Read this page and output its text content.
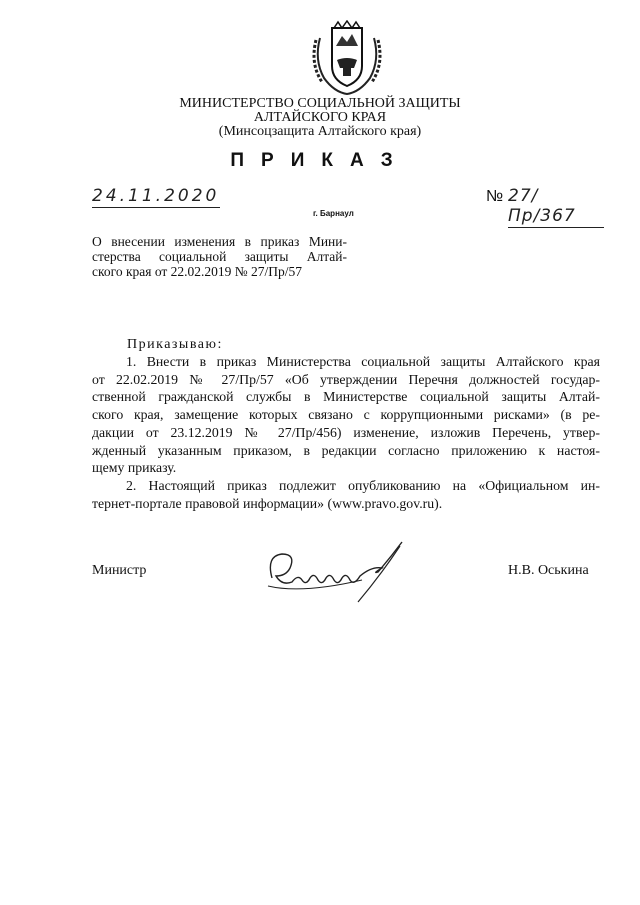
МИНИСТЕРСТВО СОЦИАЛЬНОЙ ЗАЩИТЫ
АЛТАЙСКОГО КРАЯ
(Минсоцзащита Алтайского края)
ПРИКАЗ
24.11.2020	№ 27/Пр/367
г. Барнаул
О внесении изменения в приказ Мини-
стерства социальной защиты Алтай-
ского края от 22.02.2019 № 27/Пр/57
Приказываю:
1. Внести в приказ Министерства социальной защиты Алтайского края
от 22.02.2019 № 27/Пр/57 «Об утверждении Перечня должностей государ-
ственной гражданской службы в Министерстве социальной защиты Алтай-
ского края, замещение которых связано с коррупционными рисками» (в ре-
дакции от 23.12.2019 № 27/Пр/456) изменение, изложив Перечень, утвер-
жденный указанным приказом, в редакции согласно приложению к настоя-
щему приказу.
2. Настоящий приказ подлежит опубликованию на «Официальном ин-
тернет-портале правовой информации» (www.pravo.gov.ru).
Министр	Н.В. Оськина
